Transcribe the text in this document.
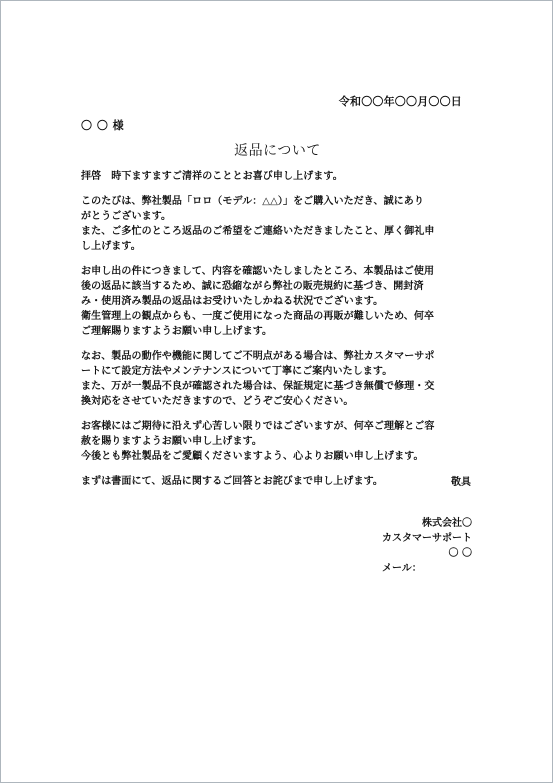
令和〇〇年〇〇月〇〇日
〇 〇 様
返品について
拝啓　時下ますますご清祥のこととお喜び申し上げます。
このたびは、弊社製品「ロロ（モデル：△△）」をご購入いただき、誠にあり
がとうございます。
また、ご多忙のところ返品のご希望をご連絡いただきましたこと、厚く御礼申
し上げます。
お申し出の件につきまして、内容を確認いたしましたところ、本製品はご使用
後の返品に該当するため、誠に恐縮ながら弊社の販売規約に基づき、開封済
み・使用済み製品の返品はお受けいたしかねる状況でございます。
衛生管理上の観点からも、一度ご使用になった商品の再販が難しいため、何卒
ご理解賜りますようお願い申し上げます。
なお、製品の動作や機能に関してご不明点がある場合は、弊社カスタマーサポ
ートにて設定方法やメンテナンスについて丁寧にご案内いたします。
また、万が一製品不良が確認された場合は、保証規定に基づき無償で修理・交
換対応をさせていただきますので、どうぞご安心ください。
お客様にはご期待に沿えず心苦しい限りではございますが、何卒ご理解とご容
赦を賜りますようお願い申し上げます。
今後とも弊社製品をご愛顧くださいますよう、心よりお願い申し上げます。
まずは書面にて、返品に関するご回答とお詫びまで申し上げます。	敬具
株式会社〇
カスタマーサポート
〇 〇
メール：
